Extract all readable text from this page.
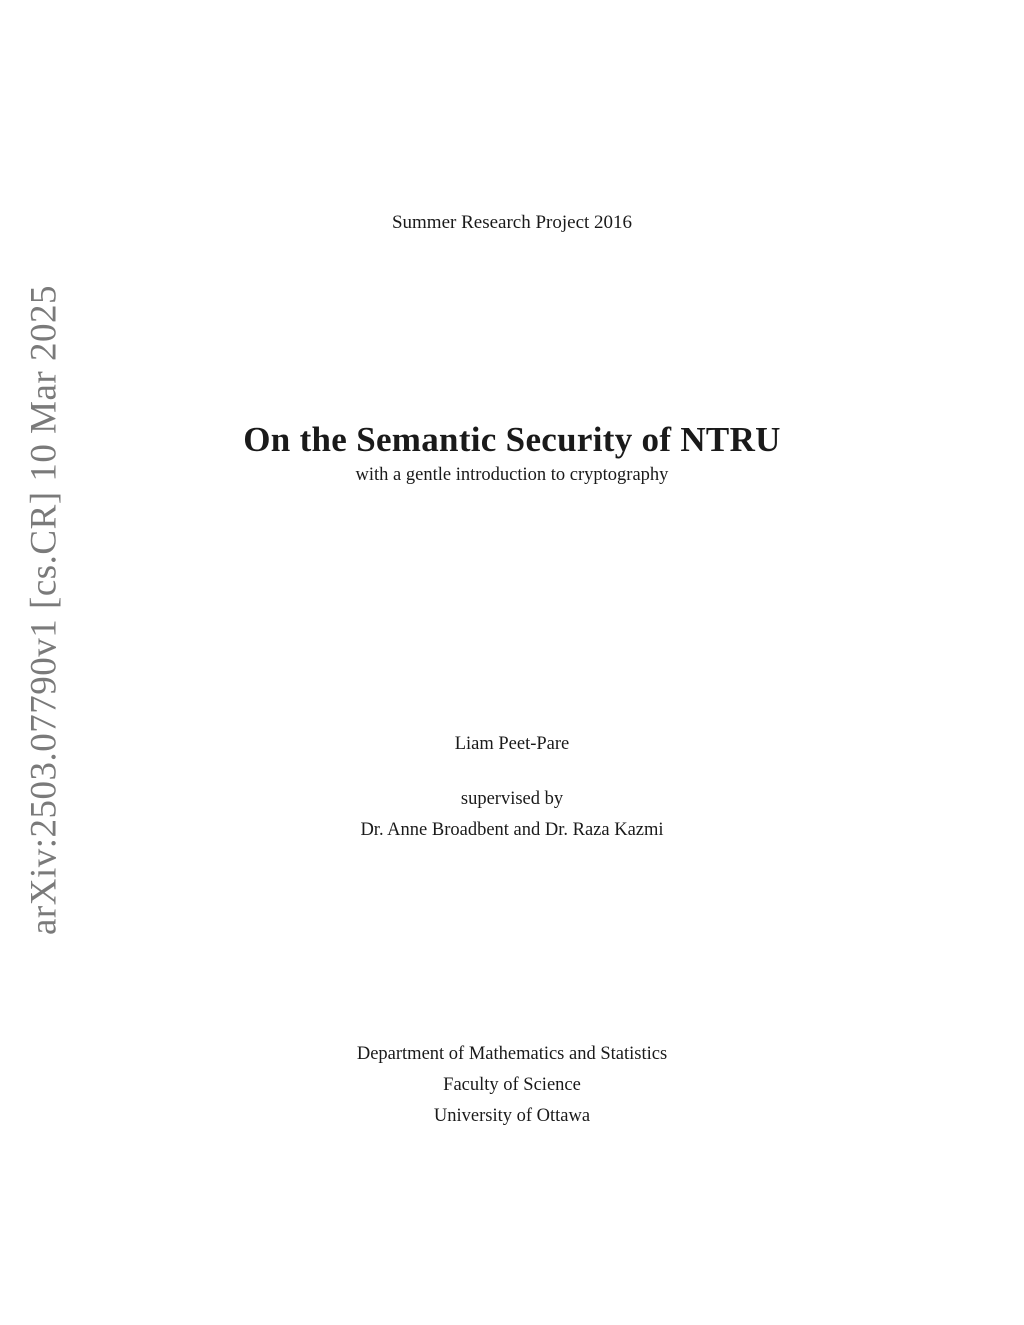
arXiv:2503.07790v1 [cs.CR] 10 Mar 2025
Summer Research Project 2016
On the Semantic Security of NTRU
with a gentle introduction to cryptography
Liam Peet-Pare
supervised by
Dr. Anne Broadbent and Dr. Raza Kazmi
Department of Mathematics and Statistics
Faculty of Science
University of Ottawa
